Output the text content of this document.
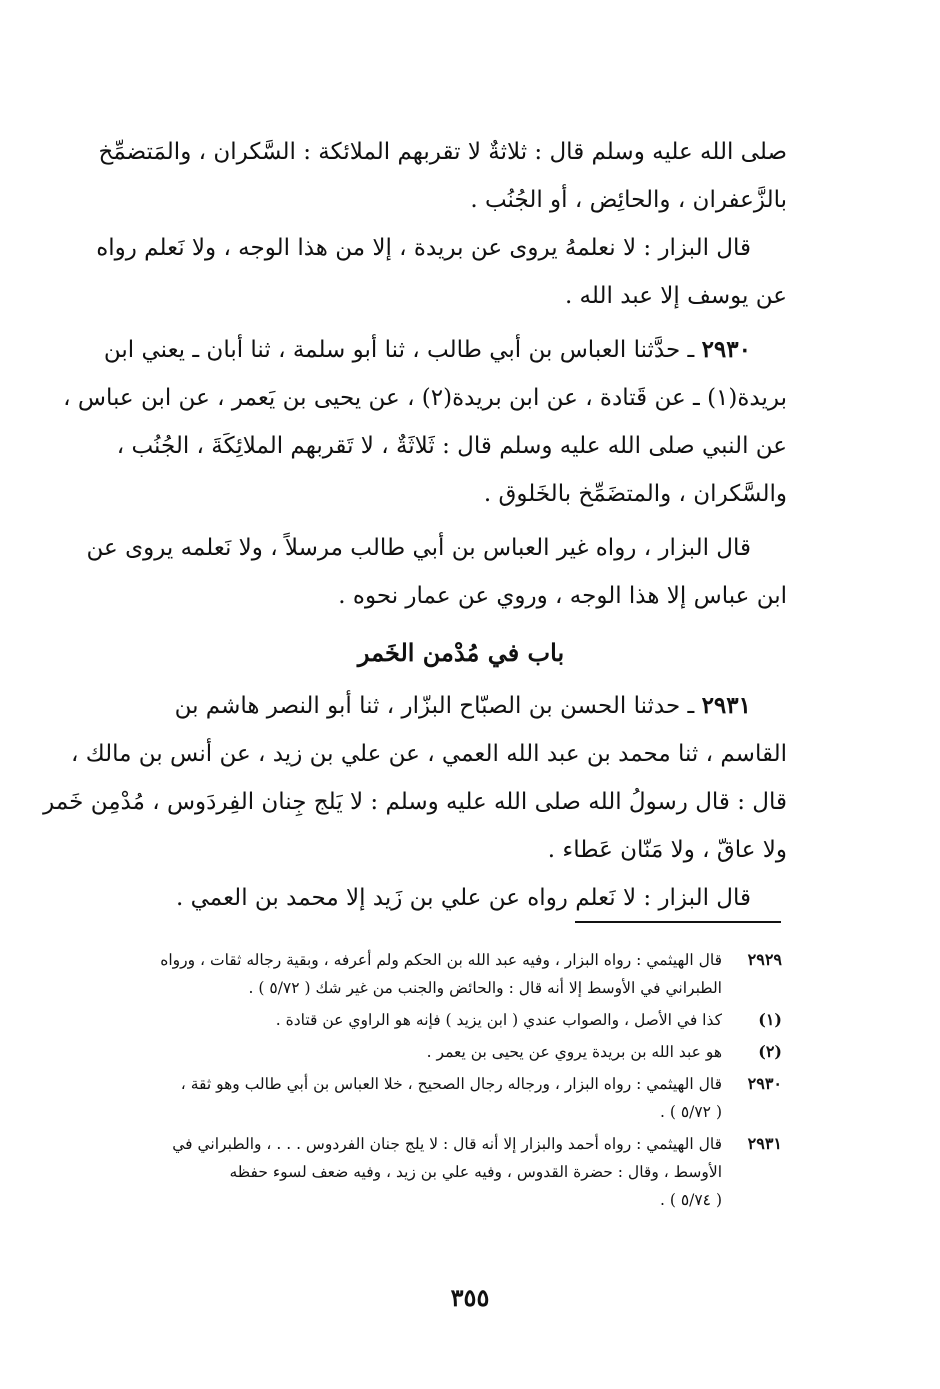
صلى الله عليه وسلم قال : ثلاثةٌ لا تقربهم الملائكة : السَّكران ، والمَتضمِّخ
بالزَّعفران ، والحائِض ، أو الجُنُب .
قال البزار : لا نعلمهُ يروى عن بريدة ، إلا من هذا الوجه ، ولا نَعلم رواه
عن يوسف إلا عبد الله .
٢٩٣٠ ـ حدَّثنا العباس بن أبي طالب ، ثنا أبو سلمة ، ثنا أبان ـ يعني ابن
بريدة(١) ـ عن قَتادة ، عن ابن بريدة(٢) ، عن يحيى بن يَعمر ، عن ابن عباس ،
عن النبي صلى الله عليه وسلم قال : ثَلاثَةٌ ، لا تَقربهم الملائِكَةَ ، الجُنُب ،
والسَّكران ، والمتضَمِّخ بالخَلوق .
قال البزار ، رواه غير العباس بن أبي طالب مرسلاً ، ولا نَعلمه يروى عن
ابن عباس إلا هذا الوجه ، وروي عن عمار نحوه .
باب في مُدْمن الخَمر
٢٩٣١ ـ حدثنا الحسن بن الصبّاح البزّار ، ثنا أبو النصر هاشم بن
القاسم ، ثنا محمد بن عبد الله العمي ، عن علي بن زيد ، عن أنس بن مالك ،
قال : قال رسولُ الله صلى الله عليه وسلم : لا يَلج جِنان الفِردَوس ، مُدْمِن خَمر
ولا عاقّ ، ولا مَنّان عَطاء .
قال البزار : لا نَعلم رواه عن علي بن زَيد إلا محمد بن العمي .
٢٩٢٩
قال الهيثمي : رواه البزار ، وفيه عبد الله بن الحكم ولم أعرفه ، وبقية رجاله ثقات ، ورواه
الطبراني في الأوسط إلا أنه قال : والحائض والجنب من غير شك ( ٥/٧٢ ) .
(١)
كذا في الأصل ، والصواب عندي ( ابن يزيد ) فإنه هو الراوي عن قتادة .
(٢)
هو عبد الله بن بريدة يروي عن يحيى بن يعمر .
٢٩٣٠
قال الهيثمي : رواه البزار ، ورجاله رجال الصحيح ، خلا العباس بن أبي طالب وهو ثقة ،
( ٥/٧٢ ) .
٢٩٣١
قال الهيثمي : رواه أحمد والبزار إلا أنه قال : لا يلج جنان الفردوس . . . ، والطبراني في
الأوسط ، وقال : حضرة القدوس ، وفيه علي بن زيد ، وفيه ضعف لسوء حفظه
( ٥/٧٤ ) .
٣٥٥
